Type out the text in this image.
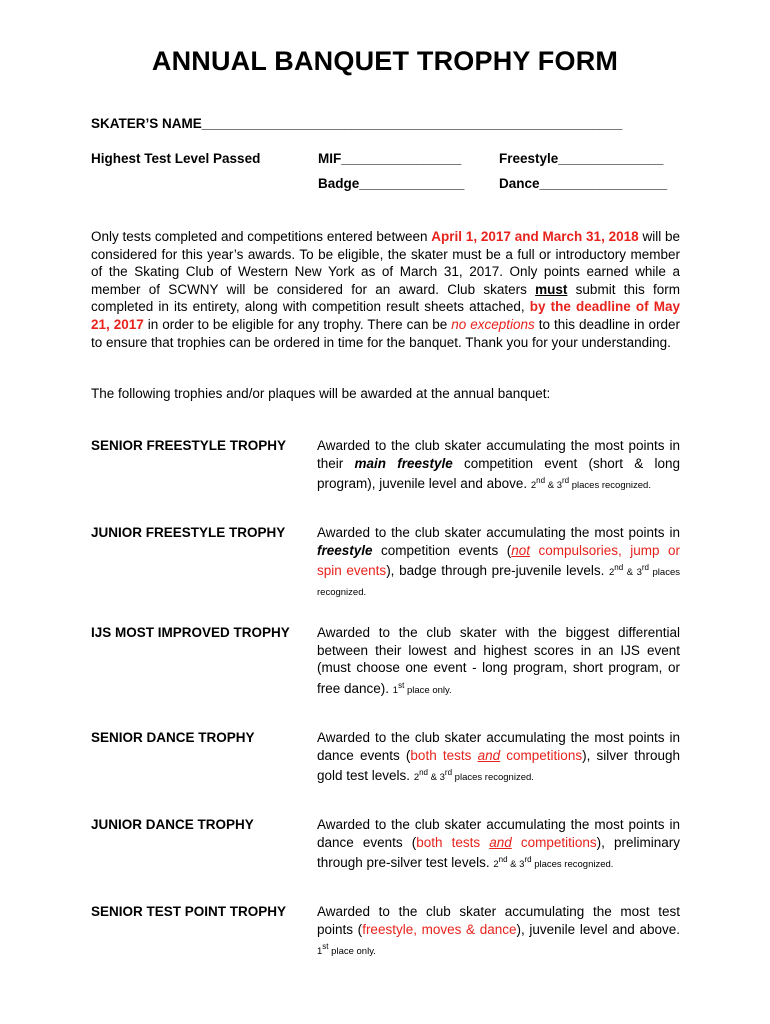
ANNUAL BANQUET TROPHY FORM
SKATER’S NAME________________________________________________________
Highest Test Level Passed	MIF________________	Freestyle______________
Badge______________	Dance_________________

Only tests completed and competitions entered between April 1, 2017 and March 31, 2018 will be considered for this year’s awards. To be eligible, the skater must be a full or introductory member of the Skating Club of Western New York as of March 31, 2017. Only points earned while a member of SCWNY will be considered for an award. Club skaters must submit this form completed in its entirety, along with competition result sheets attached, by the deadline of May 21, 2017 in order to be eligible for any trophy. There can be no exceptions to this deadline in order to ensure that trophies can be ordered in time for the banquet. Thank you for your understanding.

The following trophies and/or plaques will be awarded at the annual banquet:

SENIOR FREESTYLE TROPHY Awarded to the club skater accumulating the most points in their main freestyle competition event (short & long program), juvenile level and above. 2nd & 3rd places recognized.

JUNIOR FREESTYLE TROPHY Awarded to the club skater accumulating the most points in freestyle competition events (not compulsories, jump or spin events), badge through pre-juvenile levels. 2nd & 3rd places recognized.

IJS MOST IMPROVED TROPHY Awarded to the club skater with the biggest differential between their lowest and highest scores in an IJS event (must choose one event - long program, short program, or free dance). 1st place only.

SENIOR DANCE TROPHY	Awarded to the club skater accumulating the most points in dance events (both tests and competitions), silver through gold test levels. 2nd & 3rd places recognized.

JUNIOR DANCE TROPHY	Awarded to the club skater accumulating the most points in dance events (both tests and competitions), preliminary through pre-silver test levels. 2nd & 3rd places recognized.

SENIOR TEST POINT TROPHY Awarded to the club skater accumulating the most test points (freestyle, moves & dance), juvenile level and above. 1st place only.
